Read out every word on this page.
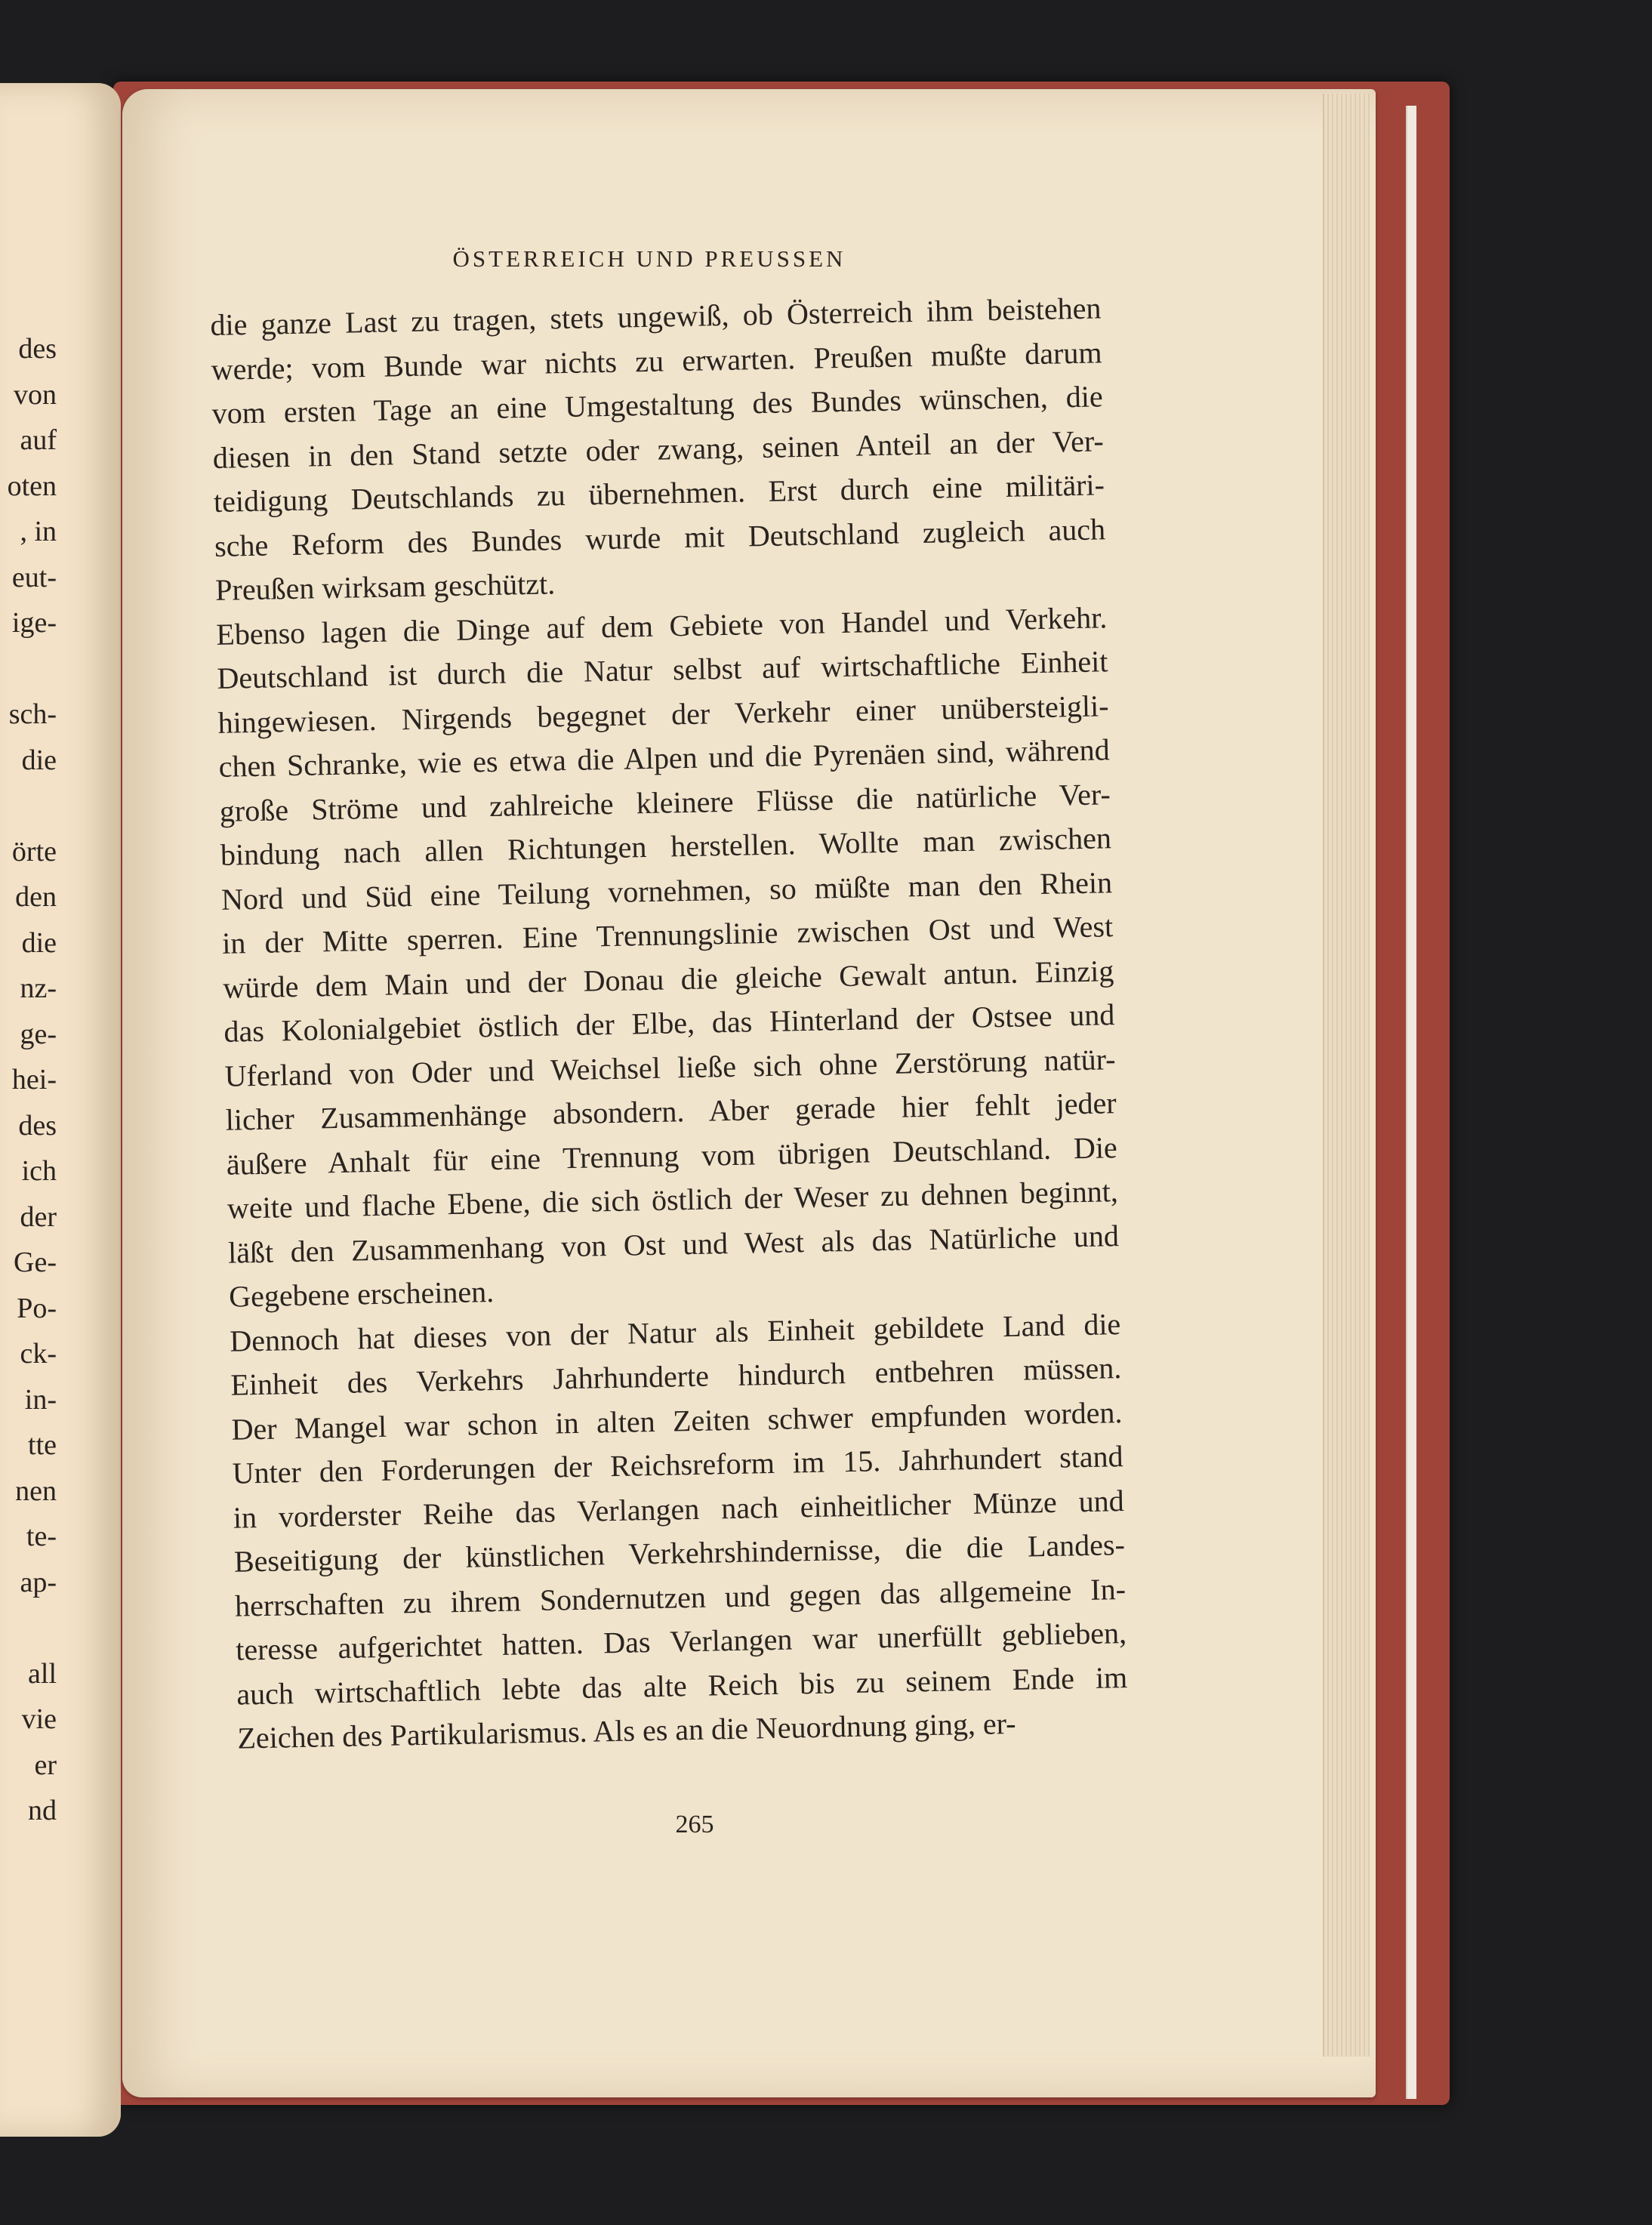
des
von
auf
oten
, in
eut-
ige-
sch-
die
örte
den
die
nz-
ge-
hei-
des
ich
der
Ge-
Po-
ck-
in-
tte
nen
te-
ap-
all
vie
er
nd
ÖSTERREICH UND PREUSSEN
die ganze Last zu tragen, stets ungewiß, ob Österreich ihm beistehen
werde; vom Bunde war nichts zu erwarten. Preußen mußte darum
vom ersten Tage an eine Umgestaltung des Bundes wünschen, die
diesen in den Stand setzte oder zwang, seinen Anteil an der Ver-
teidigung Deutschlands zu übernehmen. Erst durch eine militäri-
sche Reform des Bundes wurde mit Deutschland zugleich auch
Preußen wirksam geschützt.
Ebenso lagen die Dinge auf dem Gebiete von Handel und Verkehr.
Deutschland ist durch die Natur selbst auf wirtschaftliche Einheit
hingewiesen. Nirgends begegnet der Verkehr einer unübersteigli-
chen Schranke, wie es etwa die Alpen und die Pyrenäen sind, während
große Ströme und zahlreiche kleinere Flüsse die natürliche Ver-
bindung nach allen Richtungen herstellen. Wollte man zwischen
Nord und Süd eine Teilung vornehmen, so müßte man den Rhein
in der Mitte sperren. Eine Trennungslinie zwischen Ost und West
würde dem Main und der Donau die gleiche Gewalt antun. Einzig
das Kolonialgebiet östlich der Elbe, das Hinterland der Ostsee und
Uferland von Oder und Weichsel ließe sich ohne Zerstörung natür-
licher Zusammenhänge absondern. Aber gerade hier fehlt jeder
äußere Anhalt für eine Trennung vom übrigen Deutschland. Die
weite und flache Ebene, die sich östlich der Weser zu dehnen beginnt,
läßt den Zusammenhang von Ost und West als das Natürliche und
Gegebene erscheinen.
Dennoch hat dieses von der Natur als Einheit gebildete Land die
Einheit des Verkehrs Jahrhunderte hindurch entbehren müssen.
Der Mangel war schon in alten Zeiten schwer empfunden worden.
Unter den Forderungen der Reichsreform im 15. Jahrhundert stand
in vorderster Reihe das Verlangen nach einheitlicher Münze und
Beseitigung der künstlichen Verkehrshindernisse, die die Landes-
herrschaften zu ihrem Sondernutzen und gegen das allgemeine In-
teresse aufgerichtet hatten. Das Verlangen war unerfüllt geblieben,
auch wirtschaftlich lebte das alte Reich bis zu seinem Ende im
Zeichen des Partikularismus. Als es an die Neuordnung ging, er-
265
